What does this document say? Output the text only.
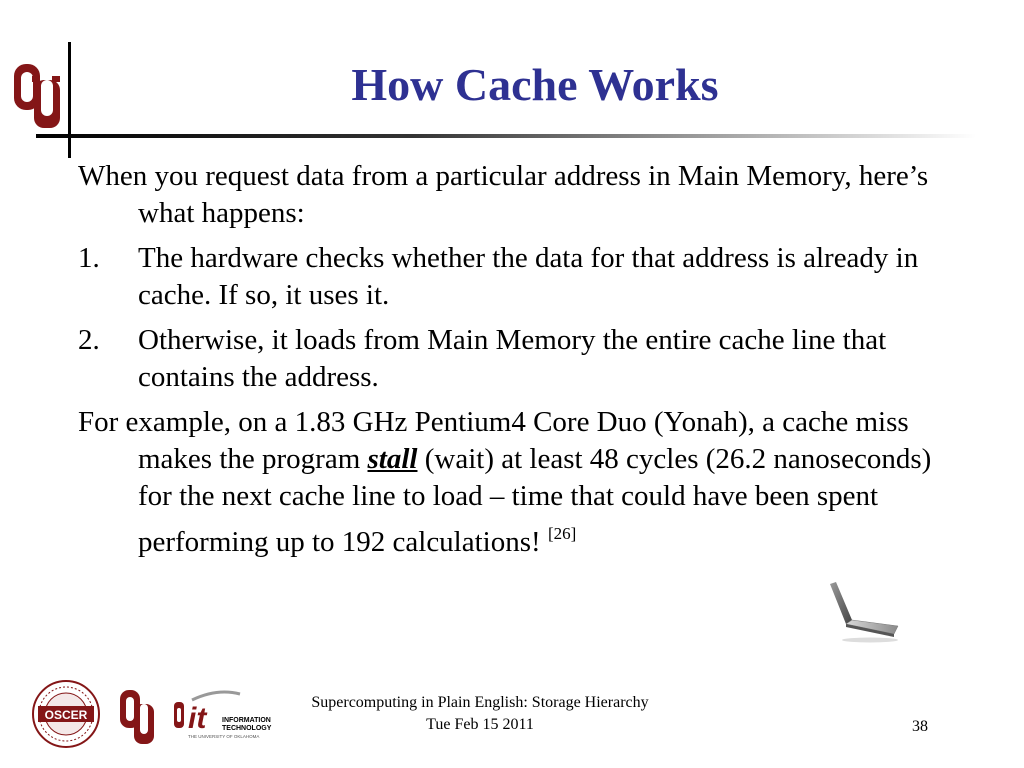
How Cache Works

When you request data from a particular address in Main Memory, here’s what happens:

1. The hardware checks whether the data for that address is already in cache. If so, it uses it.
2. Otherwise, it loads from Main Memory the entire cache line that contains the address.

For example, on a 1.83 GHz Pentium4 Core Duo (Yonah), a cache miss makes the program stall (wait) at least 48 cycles (26.2 nanoseconds) for the next cache line to load – time that could have been spent performing up to 192 calculations! [26]

OSCER	it INFORMATION
TECHNOLOGY
THE UNIVERSITY OF OKLAHOMA
Supercomputing in Plain English: Storage Hierarchy
Tue Feb 15 2011	38
